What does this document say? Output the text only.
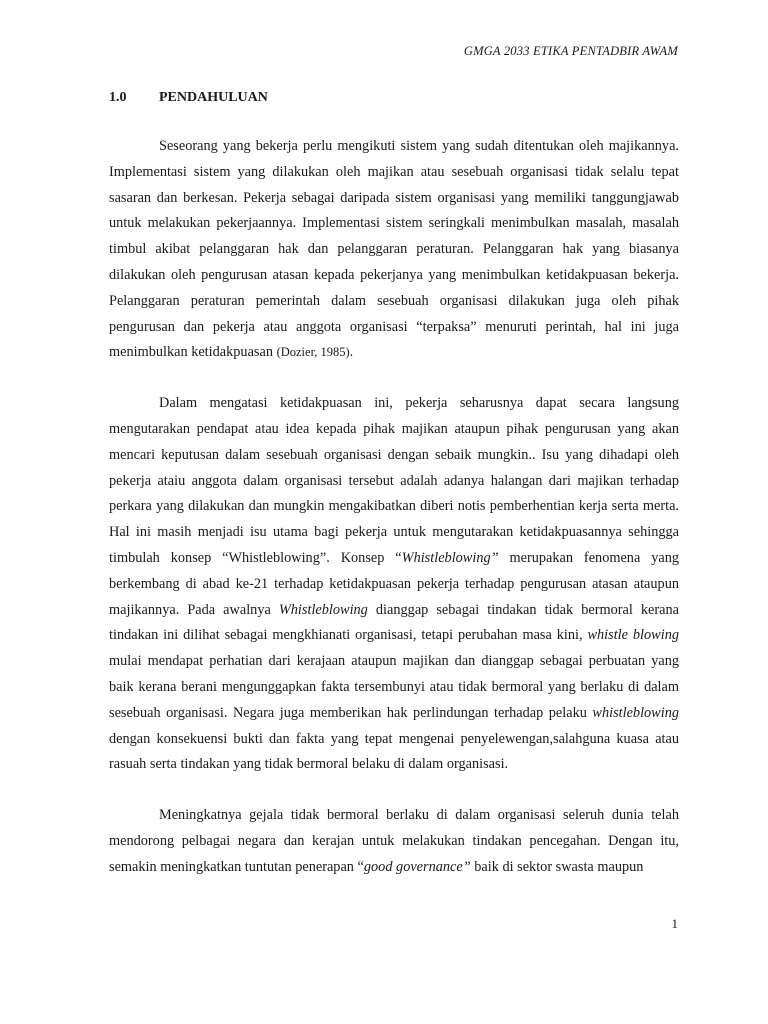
GMGA 2033 ETIKA PENTADBIR AWAM
1.0 PENDAHULUAN

Seseorang yang bekerja perlu mengikuti sistem yang sudah ditentukan oleh majikannya. Implementasi sistem yang dilakukan oleh majikan atau sesebuah organisasi tidak selalu tepat sasaran dan berkesan. Pekerja sebagai daripada sistem organisasi yang memiliki tanggungjawab untuk melakukan pekerjaannya. Implementasi sistem seringkali menimbulkan masalah, masalah timbul akibat pelanggaran hak dan pelanggaran peraturan. Pelanggaran hak yang biasanya dilakukan oleh pengurusan atasan kepada pekerjanya yang menimbulkan ketidakpuasan bekerja. Pelanggaran peraturan pemerintah dalam sesebuah organisasi dilakukan juga oleh pihak pengurusan dan pekerja atau anggota organisasi “terpaksa” menuruti perintah, hal ini juga menimbulkan ketidakpuasan (Dozier, 1985).

Dalam mengatasi ketidakpuasan ini, pekerja seharusnya dapat secara langsung mengutarakan pendapat atau idea kepada pihak majikan ataupun pihak pengurusan yang akan mencari keputusan dalam sesebuah organisasi dengan sebaik mungkin.. Isu yang dihadapi oleh pekerja ataiu anggota dalam organisasi tersebut adalah adanya halangan dari majikan terhadap perkara yang dilakukan dan mungkin mengakibatkan diberi notis pemberhentian kerja serta merta. Hal ini masih menjadi isu utama bagi pekerja untuk mengutarakan ketidakpuasannya sehingga timbulah konsep “Whistleblowing”. Konsep “Whistleblowing” merupakan fenomena yang berkembang di abad ke-21 terhadap ketidakpuasan pekerja terhadap pengurusan atasan ataupun majikannya. Pada awalnya Whistleblowing dianggap sebagai tindakan tidak bermoral kerana tindakan ini dilihat sebagai mengkhianati organisasi, tetapi perubahan masa kini, whistle blowing mulai mendapat perhatian dari kerajaan ataupun majikan dan dianggap sebagai perbuatan yang baik kerana berani mengunggapkan fakta tersembunyi atau tidak bermoral yang berlaku di dalam sesebuah organisasi. Negara juga memberikan hak perlindungan terhadap pelaku whistleblowing dengan konsekuensi bukti dan fakta yang tepat mengenai penyelewengan,salahguna kuasa atau rasuah serta tindakan yang tidak bermoral belaku di dalam organisasi.

Meningkatnya gejala tidak bermoral berlaku di dalam organisasi seleruh dunia telah mendorong pelbagai negara dan kerajan untuk melakukan tindakan pencegahan. Dengan itu, semakin meningkatkan tuntutan penerapan “good governance” baik di sektor swasta maupun

1
